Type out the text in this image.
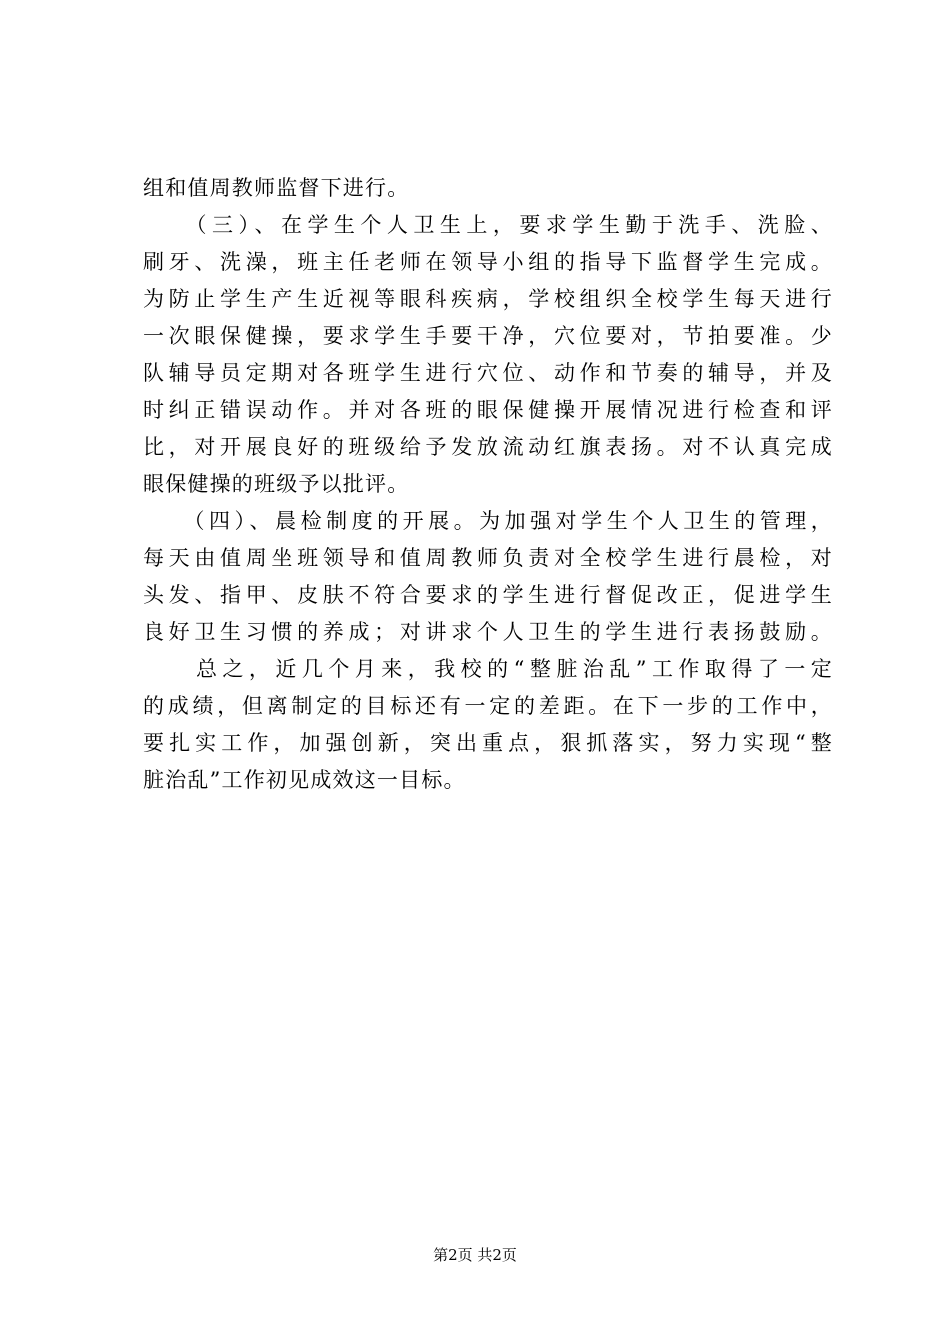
组和值周教师监督下进行。
　　（三）、在学生个人卫生上，要求学生勤于洗手、洗脸、
刷牙、洗澡，班主任老师在领导小组的指导下监督学生完成。
为防止学生产生近视等眼科疾病，学校组织全校学生每天进行
一次眼保健操，要求学生手要干净，穴位要对，节拍要准。少
队辅导员定期对各班学生进行穴位、动作和节奏的辅导，并及
时纠正错误动作。并对各班的眼保健操开展情况进行检查和评
比，对开展良好的班级给予发放流动红旗表扬。对不认真完成
眼保健操的班级予以批评。
　　（四）、晨检制度的开展。为加强对学生个人卫生的管理，
每天由值周坐班领导和值周教师负责对全校学生进行晨检，对
头发、指甲、皮肤不符合要求的学生进行督促改正，促进学生
良好卫生习惯的养成；对讲求个人卫生的学生进行表扬鼓励。
　　总之，近几个月来，我校的“整脏治乱”工作取得了一定
的成绩，但离制定的目标还有一定的差距。在下一步的工作中，
要扎实工作，加强创新，突出重点，狠抓落实，努力实现“整
脏治乱”工作初见成效这一目标。
第2页 共2页
